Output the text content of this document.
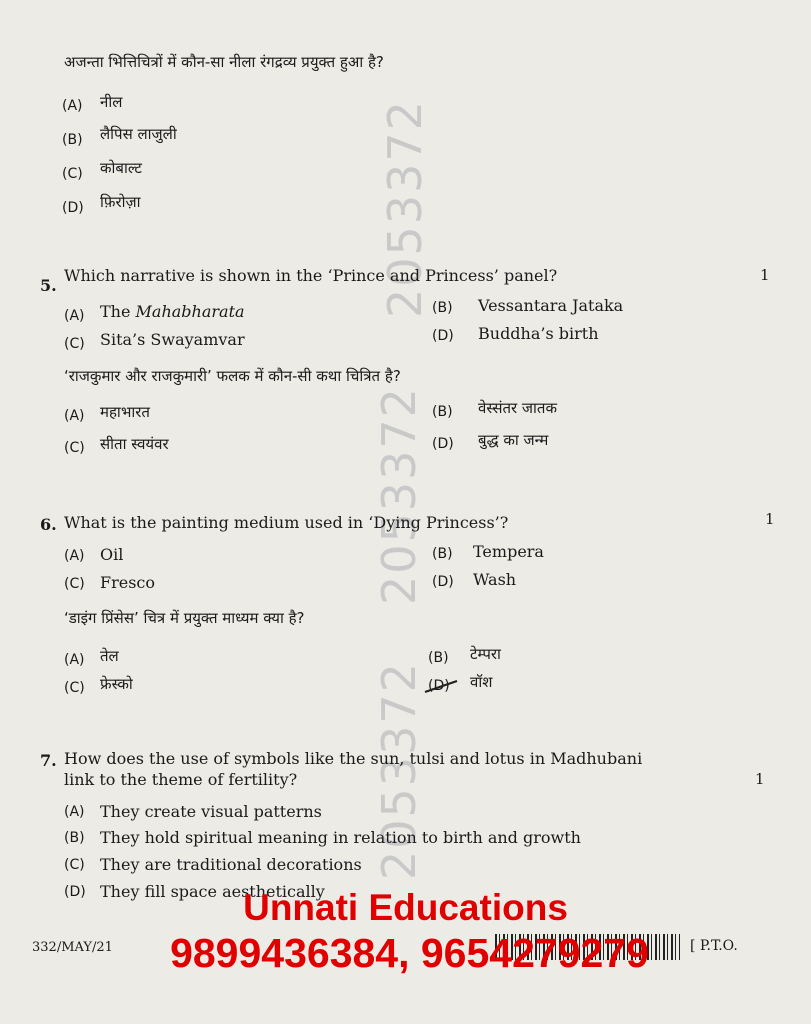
2053372
2053372
2053372
अजन्ता भित्तिचित्रों में कौन-सा नीला रंगद्रव्य प्रयुक्त हुआ है?
(A) नील
(B) लैपिस लाजुली
(C) कोबाल्ट
(D) फ़िरोज़ा
5.
Which narrative is shown in the ‘Prince and Princess’ panel?	1
(A) The Mahabharata	(B) Vessantara Jataka
(C) Sita’s Swayamvar	(D) Buddha’s birth
‘राजकुमार और राजकुमारी’ फलक में कौन-सी कथा चित्रित है?
(A) महाभारत	(B) वेस्संतर जातक
(C) सीता स्वयंवर	(D) बुद्ध का जन्म
6. What is the painting medium used in ‘Dying Princess’?	1
(A) Oil	(B) Tempera
(C) Fresco	(D) Wash
‘डाइंग प्रिंसेस’ चित्र में प्रयुक्त माध्यम क्या है?
(A) तेल	(B) टेम्परा
(C) फ्रेस्को	(D) वॉश
7. How does the use of symbols like the sun, tulsi and lotus in Madhubani
link to the theme of fertility?	1
(A) They create visual patterns
(B) They hold spiritual meaning in relation to birth and growth
(C) They are traditional decorations
(D) They fill space aesthetically
332/MAY/21	[ P.T.O.
Unnati Educations
9899436384, 9654279279
